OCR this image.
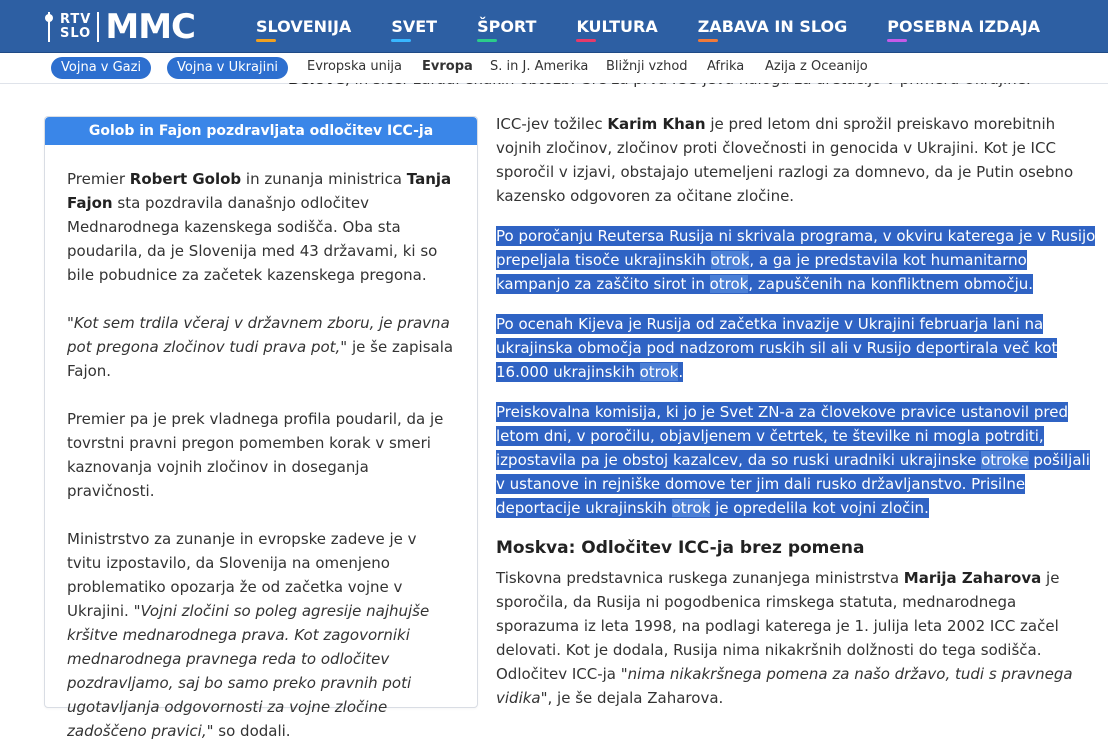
RTV
SLO MMC	SLOVENIJA	SVET	ŠPORT	KULTURA	ZABAVA IN SLOG	POSEBNA IZDAJA
Vojna v Gazi	Vojna v Ukrajini	Evropska unija Evropa S. in J. Amerika Bližnji vzhod Afrika Azija z Oceanijo
Golob in Fajon pozdravljata odločitev ICC-ja
Premier Robert Golob in zunanja ministrica Tanja Fajon sta pozdravila današnjo odločitev Mednarodnega kazenskega sodišča. Oba sta poudarila, da je Slovenija med 43 državami, ki so bile pobudnice za začetek kazenskega pregona.
"Kot sem trdila včeraj v državnem zboru, je pravna pot pregona zločinov tudi prava pot," je še zapisala Fajon.
Premier pa je prek vladnega profila poudaril, da je tovrstni pravni pregon pomemben korak v smeri kaznovanja vojnih zločinov in doseganja pravičnosti.
Ministrstvo za zunanje in evropske zadeve je v tvitu izpostavilo, da Slovenija na omenjeno problematiko opozarja že od začetka vojne v Ukrajini. "Vojni zločini so poleg agresije najhujše kršitve mednarodnega prava. Kot zagovorniki mednarodnega pravnega reda to odločitev pozdravljamo, saj bo samo preko pravnih poti ugotavljanja odgovornosti za vojne zločine zadoščeno pravici," so dodali.
ICC-jev tožilec Karim Khan je pred letom dni sprožil preiskavo morebitnih vojnih zločinov, zločinov proti človečnosti in genocida v Ukrajini. Kot je ICC sporočil v izjavi, obstajajo utemeljeni razlogi za domnevo, da je Putin osebno kazensko odgovoren za očitane zločine.
Po poročanju Reutersa Rusija ni skrivala programa, v okviru katerega je v Rusijo prepeljala tisoče ukrajinskih otrok, a ga je predstavila kot humanitarno kampanjo za zaščito sirot in otrok, zapuščenih na konfliktnem območju.
Po ocenah Kijeva je Rusija od začetka invazije v Ukrajini februarja lani na ukrajinska območja pod nadzorom ruskih sil ali v Rusijo deportirala več kot 16.000 ukrajinskih otrok.
Preiskovalna komisija, ki jo je Svet ZN-a za človekove pravice ustanovil pred letom dni, v poročilu, objavljenem v četrtek, te številke ni mogla potrditi, izpostavila pa je obstoj kazalcev, da so ruski uradniki ukrajinske otroke pošiljali v ustanove in rejniške domove ter jim dali rusko državljanstvo. Prisilne deportacije ukrajinskih otrok je opredelila kot vojni zločin.
Moskva: Odločitev ICC-ja brez pomena
Tiskovna predstavnica ruskega zunanjega ministrstva Marija Zaharova je sporočila, da Rusija ni pogodbenica rimskega statuta, mednarodnega sporazuma iz leta 1998, na podlagi katerega je 1. julija leta 2002 ICC začel delovati. Kot je dodala, Rusija nima nikakršnih dolžnosti do tega sodišča. Odločitev ICC-ja "nima nikakršnega pomena za našo državo, tudi s pravnega vidika", je še dejala Zaharova.
